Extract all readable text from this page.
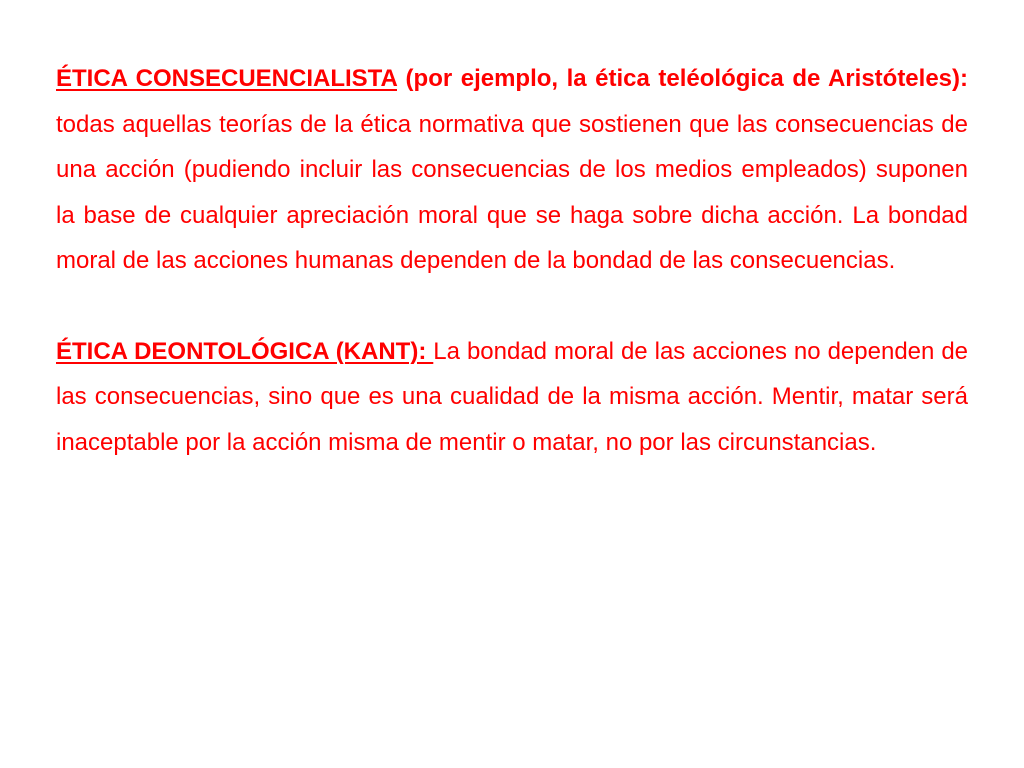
ÉTICA CONSECUENCIALISTA (por ejemplo, la ética teléológica de Aristóteles): todas aquellas teorías de la ética normativa que sostienen que las consecuencias de una acción (pudiendo incluir las consecuencias de los medios empleados) suponen la base de cualquier apreciación moral que se haga sobre dicha acción. La bondad moral de las acciones humanas dependen de la bondad de las consecuencias.

ÉTICA DEONTOLÓGICA (KANT): La bondad moral de las acciones no dependen de las consecuencias, sino que es una cualidad de la misma acción. Mentir, matar será inaceptable por la acción misma de mentir o matar, no por las circunstancias.
